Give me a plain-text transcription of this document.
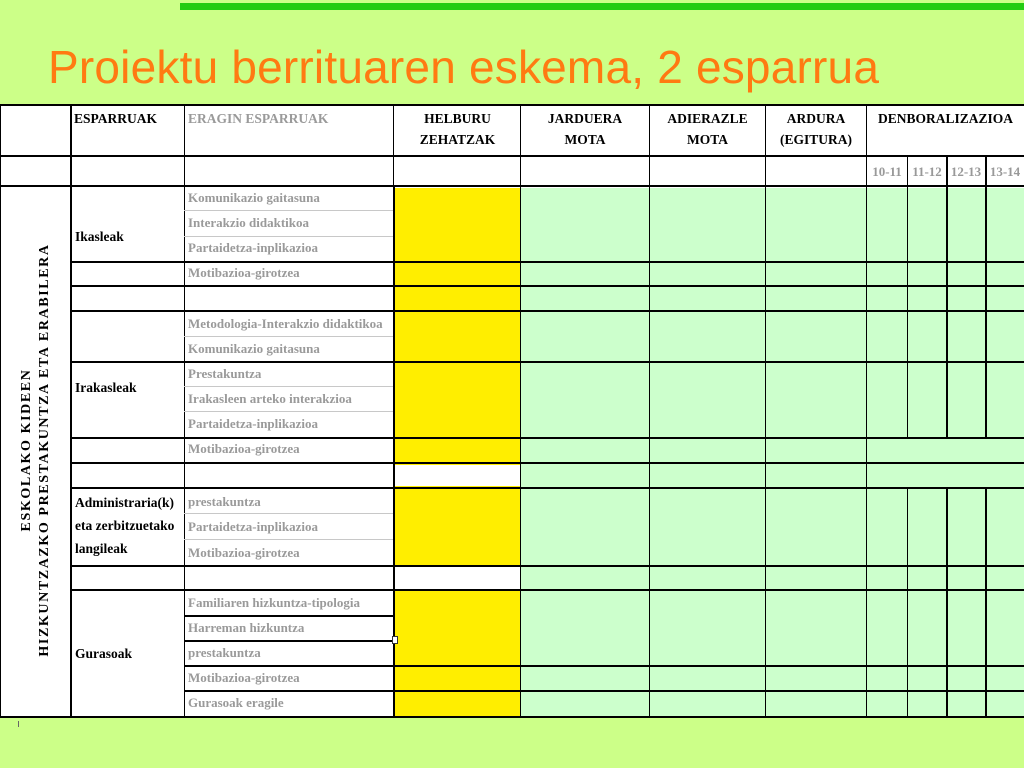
Proiektu berrituaren eskema, 2 esparrua
ESPARRUAK ERAGIN ESPARRUAK	HELBURU
ZEHATZAK
JARDUERA
MOTA
ADIERAZLE
MOTA
ARDURA
(EGITURA)
DENBORALIZAZIOA
10-11 11-12 12-13 13-14
ESKOLAKO KIDEEN HIZKUNTZAZKO PRESTAKUNTZA ETA ERABILERA
Ikasleak
Irakasleak
Administraria(k)
eta zerbitzuetako
langileak
Gurasoak
Komunikazio gaitasuna
Interakzio didaktikoa
Partaidetza-inplikazioa
Motibazioa-girotzea
Metodologia-Interakzio didaktikoa
Komunikazio gaitasuna
Prestakuntza
Irakasleen arteko interakzioa
Partaidetza-inplikazioa
Motibazioa-girotzea
prestakuntza
Partaidetza-inplikazioa
Motibazioa-girotzea
Familiaren hizkuntza-tipologia
Harreman hizkuntza
prestakuntza
Motibazioa-girotzea
Gurasoak eragile
